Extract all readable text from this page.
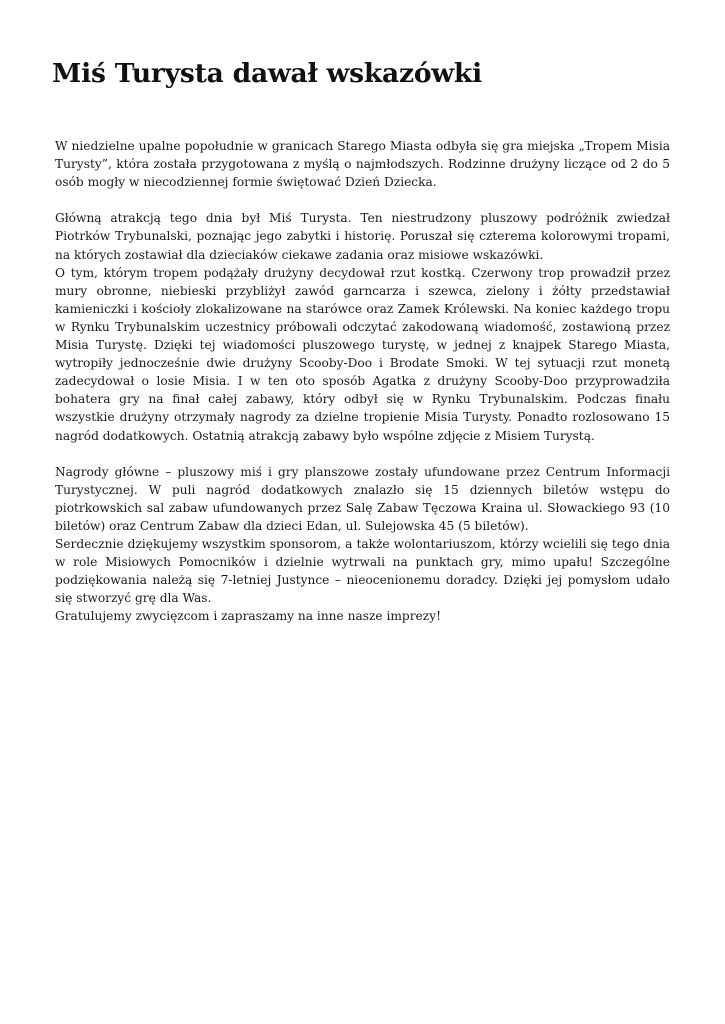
Miś Turysta dawał wskazówki

W niedzielne upalne popołudnie w granicach Starego Miasta odbyła się gra miejska „Tropem Misia Turysty”, która została przygotowana z myślą o najmłodszych. Rodzinne drużyny liczące od 2 do 5 osób mogły w niecodziennej formie świętować Dzień Dziecka.

Główną atrakcją tego dnia był Miś Turysta. Ten niestrudzony pluszowy podróżnik zwiedzał Piotrków Trybunalski, poznając jego zabytki i historię. Poruszał się czterema kolorowymi tropami, na których zostawiał dla dzieciaków ciekawe zadania oraz misiowe wskazówki.

O tym, którym tropem podążały drużyny decydował rzut kostką. Czerwony trop prowadził przez mury obronne, niebieski przybliżył zawód garncarza i szewca, zielony i żółty przedstawiał kamieniczki i kościoły zlokalizowane na starówce oraz Zamek Królewski. Na koniec każdego tropu w Rynku Trybunalskim uczestnicy próbowali odczytać zakodowaną wiadomość, zostawioną przez Misia Turystę. Dzięki tej wiadomości pluszowego turystę, w jednej z knajpek Starego Miasta, wytropiły jednocześnie dwie drużyny Scooby-Doo i Brodate Smoki. W tej sytuacji rzut monetą zadecydował o losie Misia. I w ten oto sposób Agatka z drużyny Scooby-Doo przyprowadziła bohatera gry na finał całej zabawy, który odbył się w Rynku Trybunalskim. Podczas finału wszystkie drużyny otrzymały nagrody za dzielne tropienie Misia Turysty. Ponadto rozlosowano 15 nagród dodatkowych. Ostatnią atrakcją zabawy było wspólne zdjęcie z Misiem Turystą.

Nagrody główne – pluszowy miś i gry planszowe zostały ufundowane przez Centrum Informacji Turystycznej. W puli nagród dodatkowych znalazło się 15 dziennych biletów wstępu do piotrkowskich sal zabaw ufundowanych przez Salę Zabaw Tęczowa Kraina ul. Słowackiego 93 (10 biletów) oraz Centrum Zabaw dla dzieci Edan, ul. Sulejowska 45 (5 biletów).

Serdecznie dziękujemy wszystkim sponsorom, a także wolontariuszom, którzy wcielili się tego dnia w role Misiowych Pomocników i dzielnie wytrwali na punktach gry, mimo upału! Szczególne podziękowania należą się 7-letniej Justynce – nieocenionemu doradcy. Dzięki jej pomysłom udało się stworzyć grę dla Was.

Gratulujemy zwycięzcom i zapraszamy na inne nasze imprezy!
